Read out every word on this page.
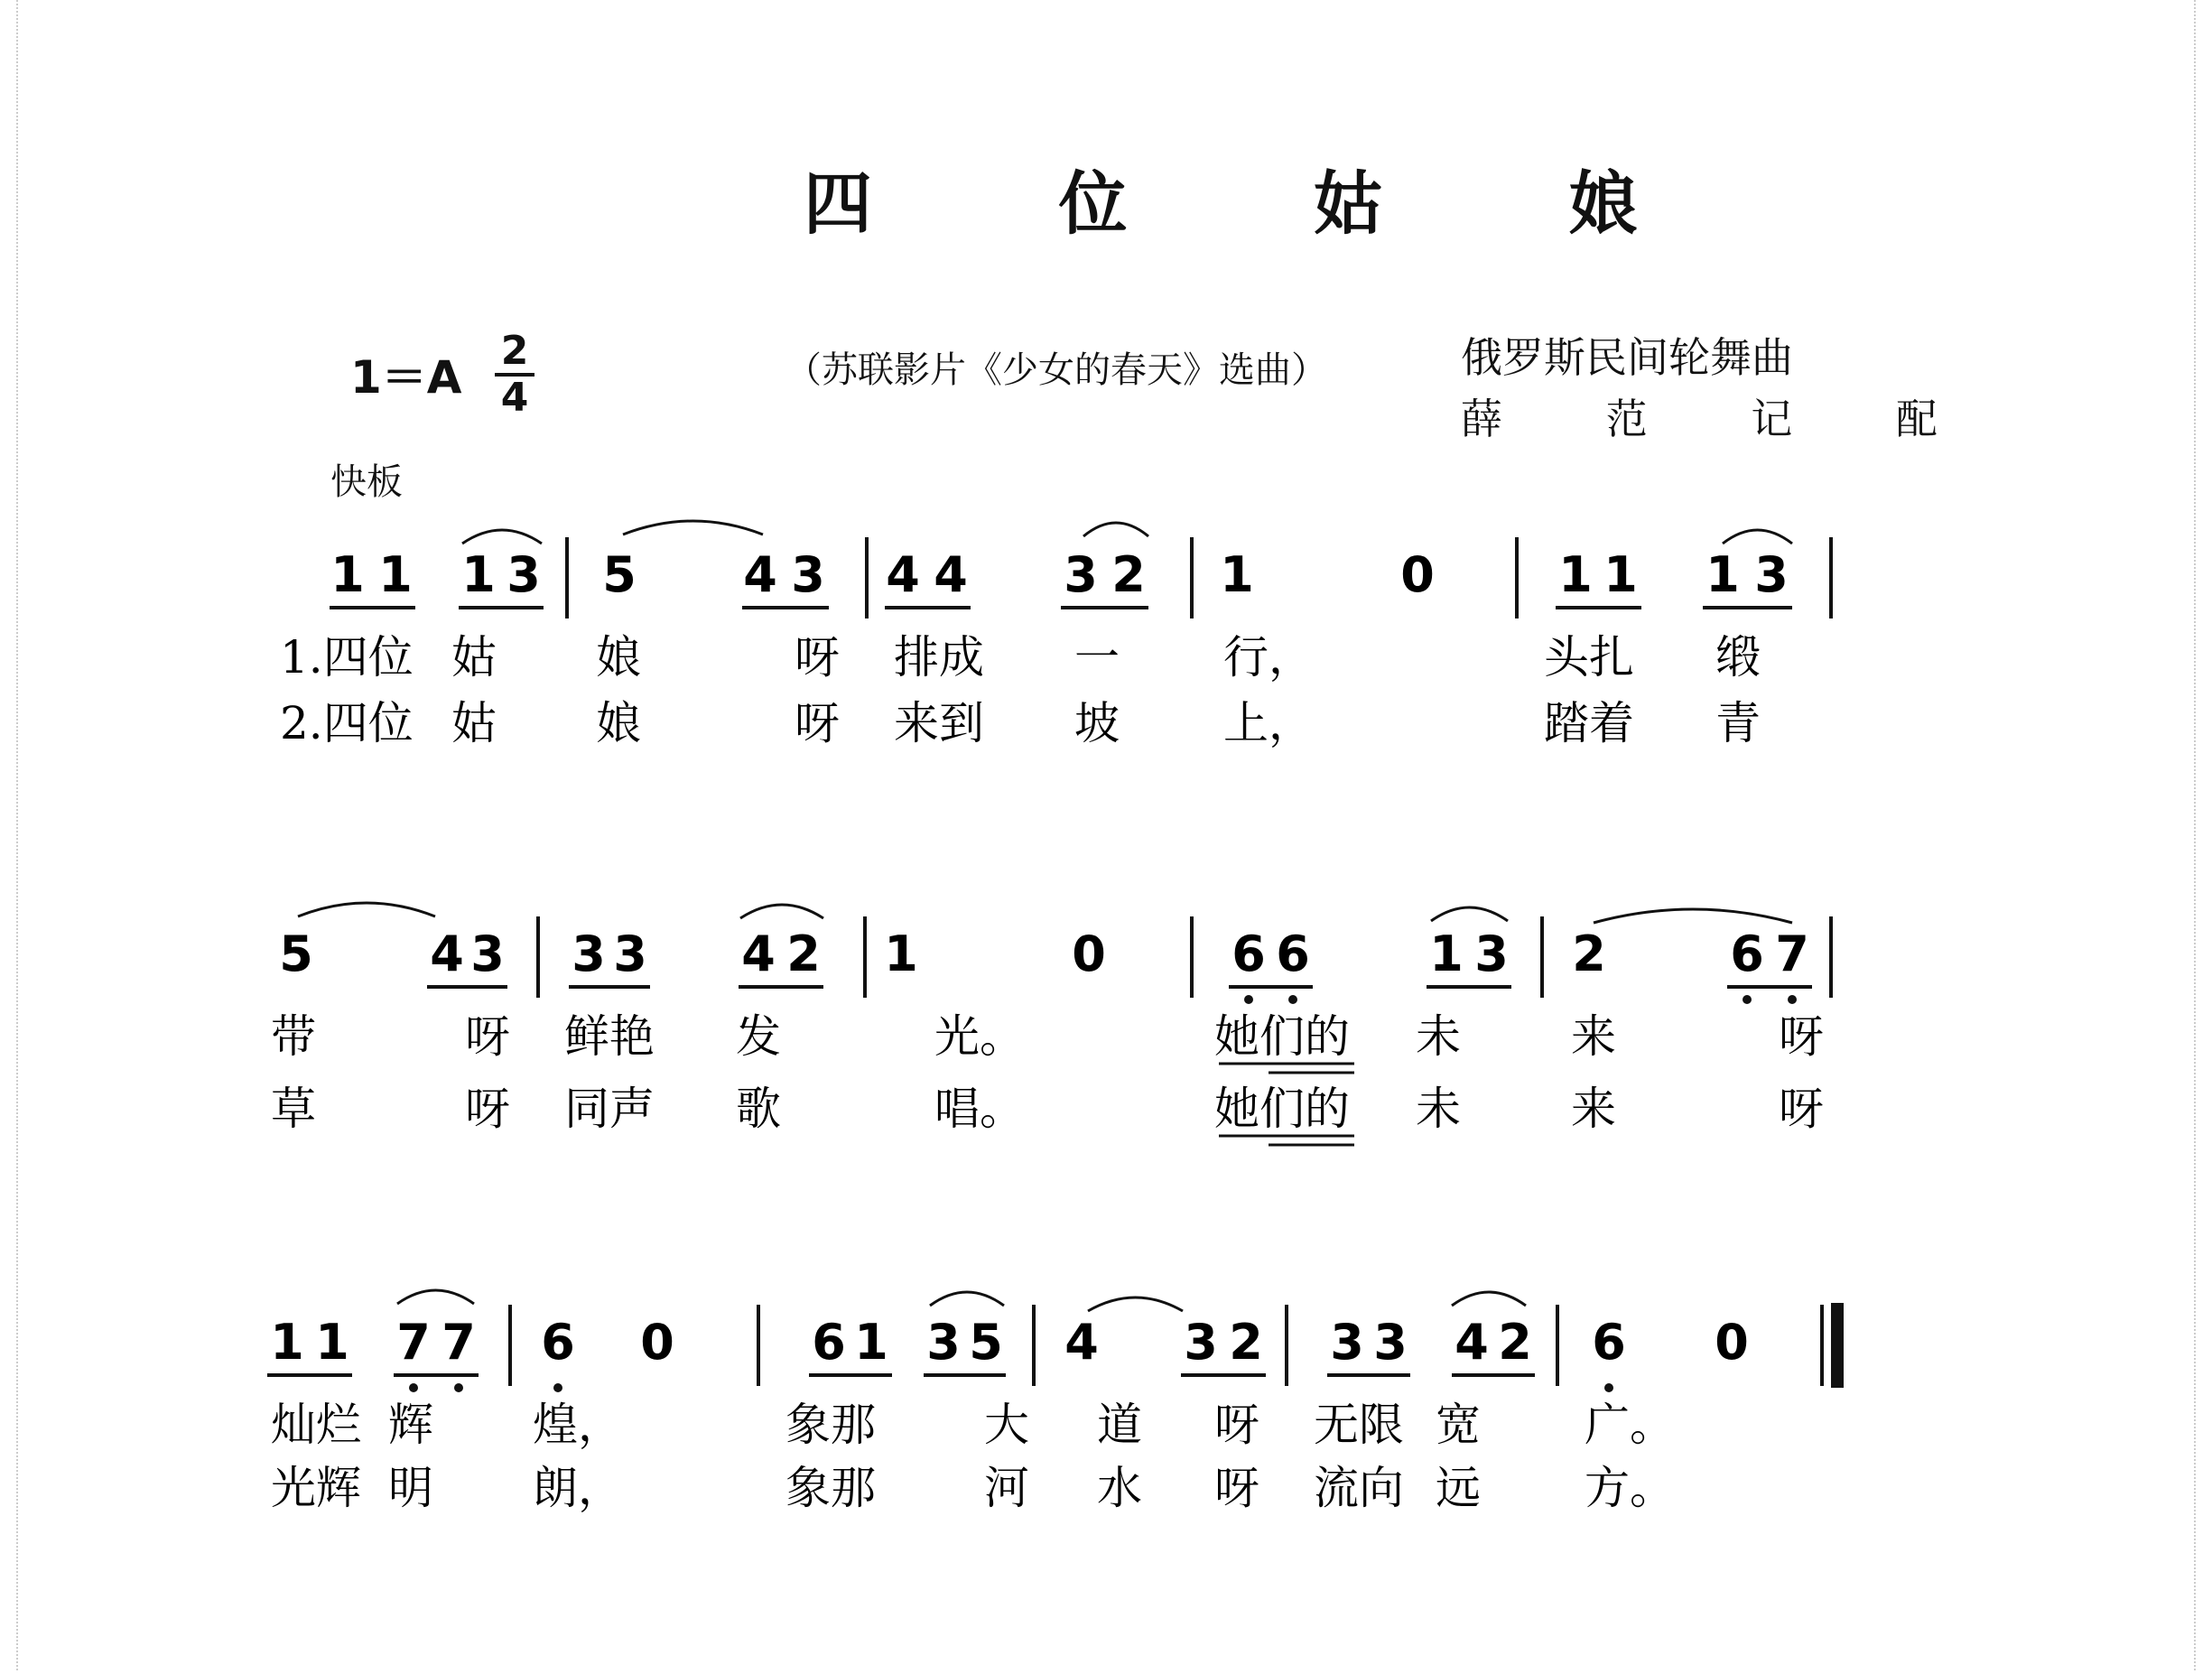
四 位 姑 娘
1＝A
2
4
（苏联影片《少女的春天》选曲）	俄罗斯民间轮舞曲
薛 范 记 配
快板
1 1 1 3 5 4 3 4 4 3 2 1	0	1 1 1 3
1.四位 姑 娘	呀 排成 一 行，	头扎 缎
2.四位 姑 娘	呀 来到 坡 上，	踏着 青
5 4 3 3 3 4 2 1	0	6 6 1 3 2	6 7
带	呀 鲜艳 发	光。	她们的 未 来	呀
草	呀 同声 歌	唱。	她们的 未 来	呀
1 1 7 7 6 0	6 1 3 5 4 3 2 3 3 4 2 6 0
灿烂 辉 煌，	象那 大 道 呀 无限 宽 广。
光辉 明 朗，	象那 河 水 呀 流向 远 方。
